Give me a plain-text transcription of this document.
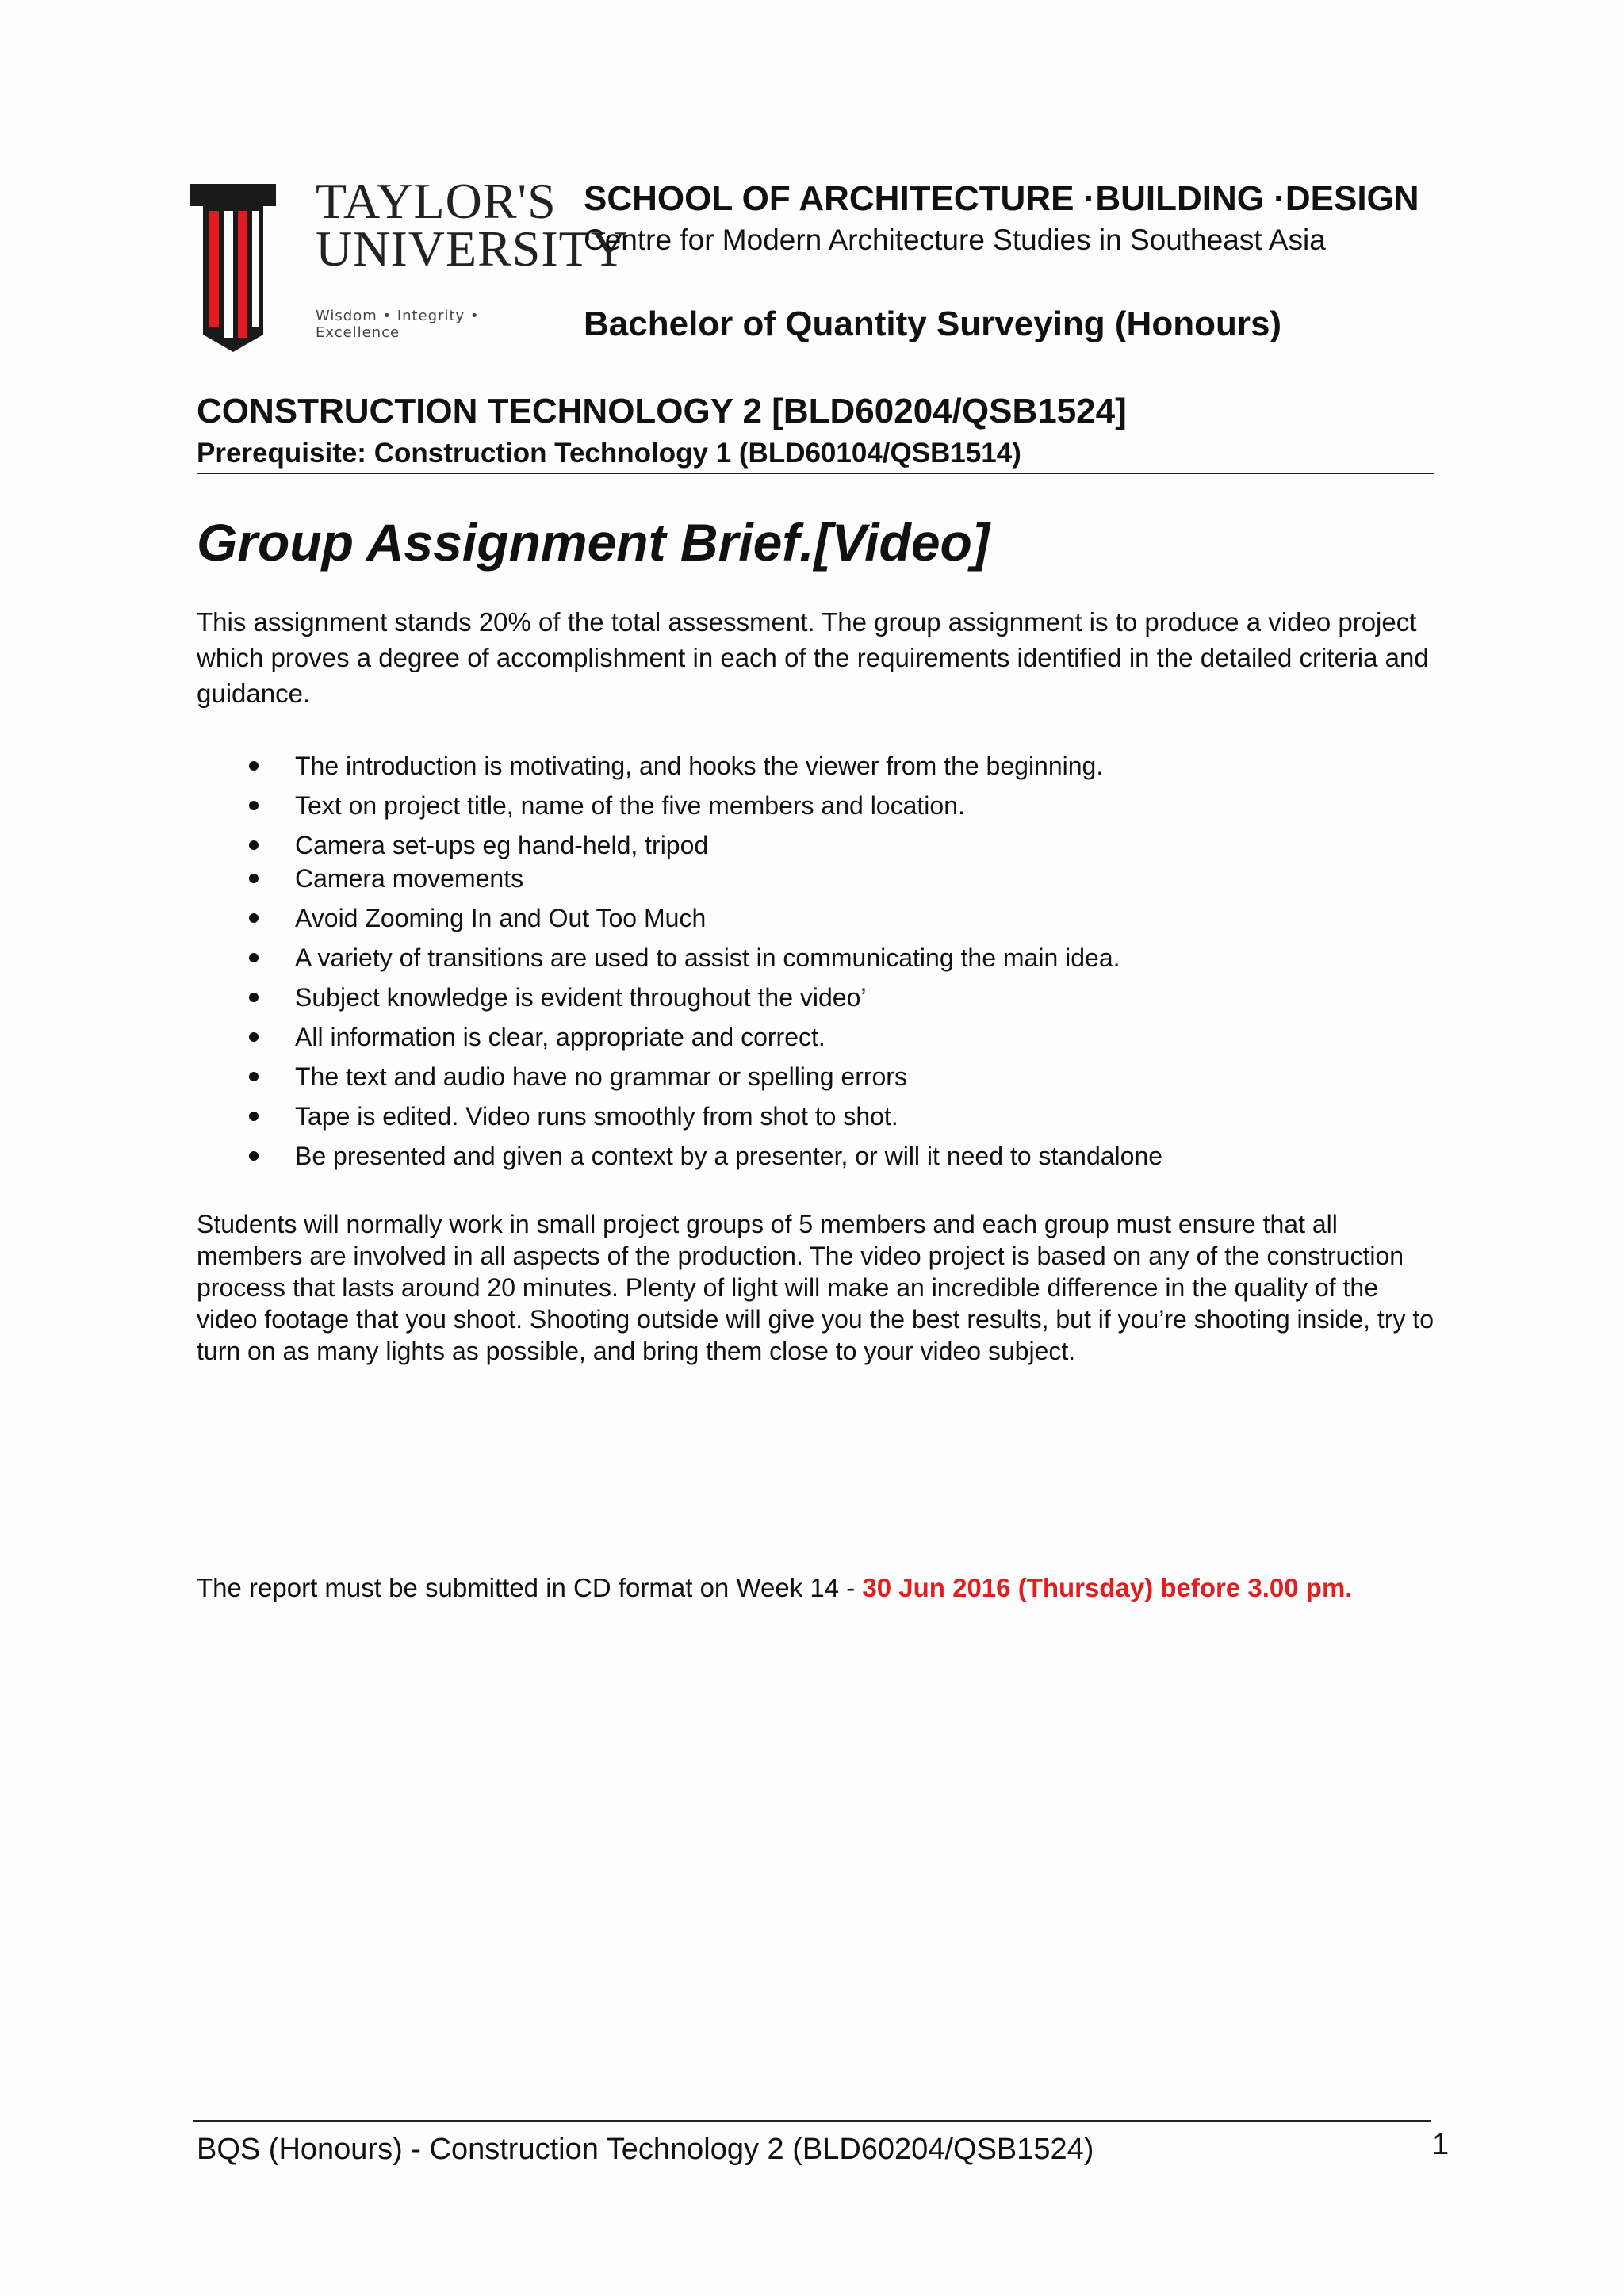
TAYLOR'S
UNIVERSITY
Wisdom • Integrity • Excellence
SCHOOL OF ARCHITECTURE ·BUILDING ·DESIGN
Centre for Modern Architecture Studies in Southeast Asia
Bachelor of Quantity Surveying (Honours)
CONSTRUCTION TECHNOLOGY 2 [BLD60204/QSB1524]
Prerequisite: Construction Technology 1 (BLD60104/QSB1514)
Group Assignment Brief.[Video]
This assignment stands 20% of the total assessment. The group assignment is to produce a video project which proves a degree of accomplishment in each of the requirements identified in the detailed criteria and guidance.
The introduction is motivating, and hooks the viewer from the beginning.
Text on project title, name of the five members and location.
Camera set-ups eg hand-held, tripod
Camera movements
Avoid Zooming In and Out Too Much
A variety of transitions are used to assist in communicating the main idea.
Subject knowledge is evident throughout the video’
All information is clear, appropriate and correct.
The text and audio have no grammar or spelling errors
Tape is edited. Video runs smoothly from shot to shot.
Be presented and given a context by a presenter, or will it need to standalone
Students will normally work in small project groups of 5 members and each group must ensure that all members are involved in all aspects of the production. The video project is based on any of the construction process that lasts around 20 minutes. Plenty of light will make an incredible difference in the quality of the video footage that you shoot. Shooting outside will give you the best results, but if you’re shooting inside, try to turn on as many lights as possible, and bring them close to your video subject.
The report must be submitted in CD format on Week 14 - 30 Jun 2016 (Thursday) before 3.00 pm.
BQS (Honours) - Construction Technology 2 (BLD60204/QSB1524)	1
